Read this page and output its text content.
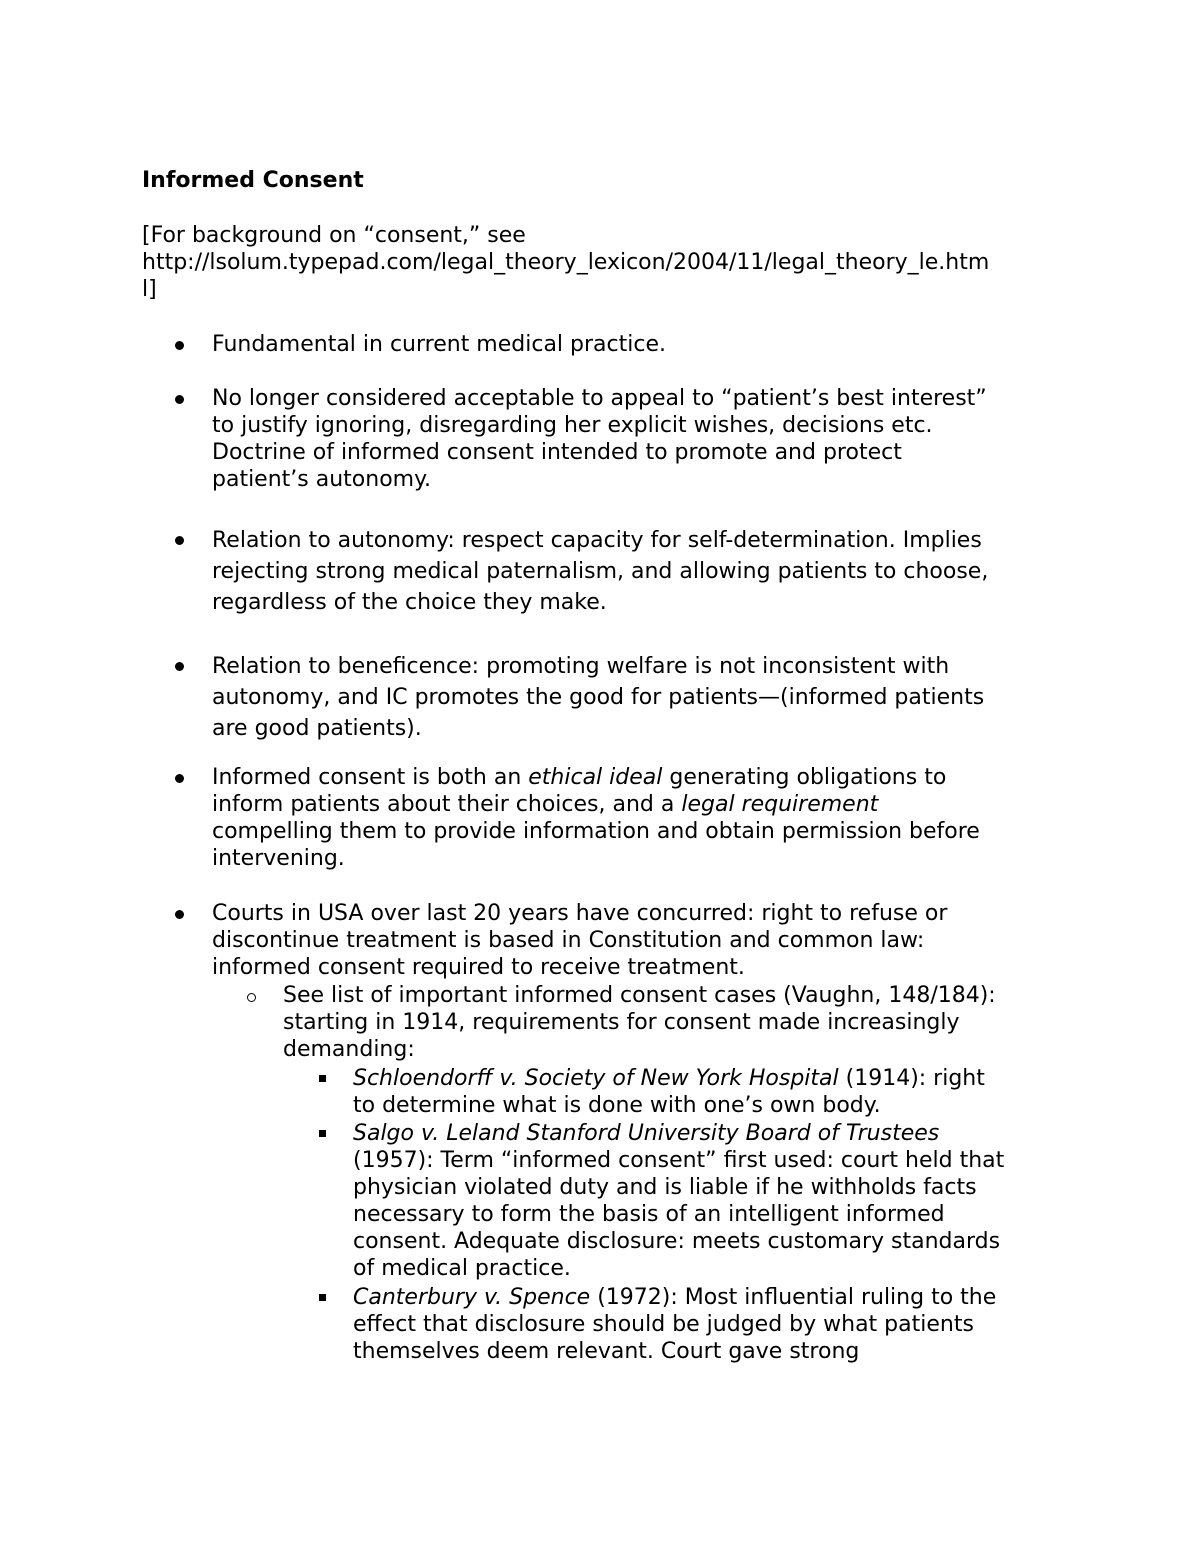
Informed Consent
[For background on “consent,” see
http://lsolum.typepad.com/legal_theory_lexicon/2004/11/legal_theory_le.htm
l]
Fundamental in current medical practice.
No longer considered acceptable to appeal to “patient’s best interest”
to justify ignoring, disregarding her explicit wishes, decisions etc.
Doctrine of informed consent intended to promote and protect
patient’s autonomy.
Relation to autonomy: respect capacity for self-determination. Implies
rejecting strong medical paternalism, and allowing patients to choose,
regardless of the choice they make.
Relation to beneficence: promoting welfare is not inconsistent with
autonomy, and IC promotes the good for patients—(informed patients
are good patients).
Informed consent is both an ethical ideal generating obligations to
inform patients about their choices, and a legal requirement
compelling them to provide information and obtain permission before
intervening.
Courts in USA over last 20 years have concurred: right to refuse or
discontinue treatment is based in Constitution and common law:
informed consent required to receive treatment.
See list of important informed consent cases (Vaughn, 148/184):
starting in 1914, requirements for consent made increasingly
demanding:
Schloendorff v. Society of New York Hospital (1914): right
to determine what is done with one’s own body.
Salgo v. Leland Stanford University Board of Trustees
(1957): Term “informed consent” first used: court held that
physician violated duty and is liable if he withholds facts
necessary to form the basis of an intelligent informed
consent. Adequate disclosure: meets customary standards
of medical practice.
Canterbury v. Spence (1972): Most influential ruling to the
effect that disclosure should be judged by what patients
themselves deem relevant. Court gave strong
